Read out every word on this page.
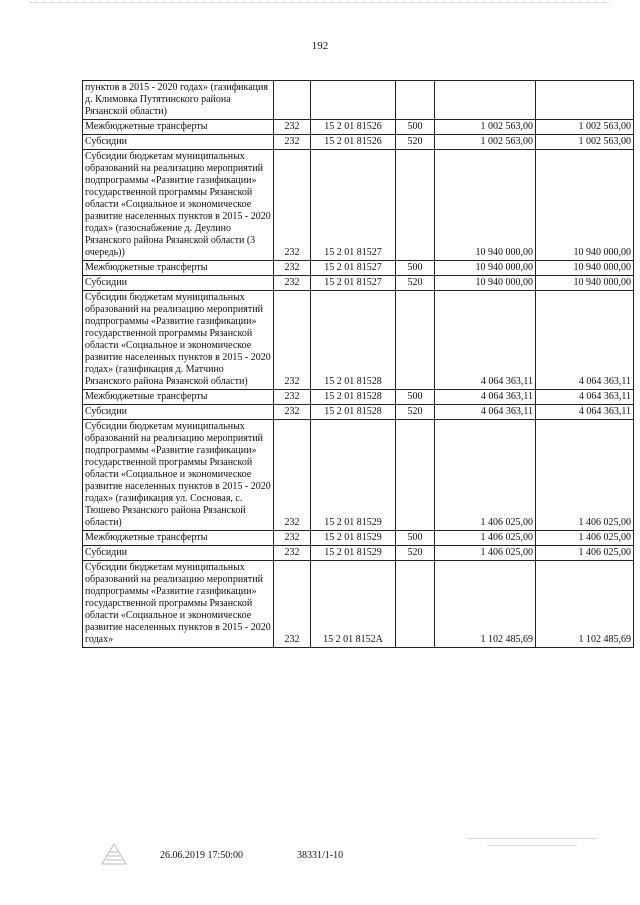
192
пунктов в 2015 - 2020 годах» (газификация д. Климовка Путятинского района Рязанской области)					
Межбюджетные трансферты	232	15 2 01 81526	500	1 002 563,00	1 002 563,00
Субсидии	232	15 2 01 81526	520	1 002 563,00	1 002 563,00
Субсидии бюджетам муниципальных образований на реализацию мероприятий подпрограммы «Развитие газификации» государственной программы Рязанской области «Социальное и экономическое развитие населенных пунктов в 2015 - 2020 годах» (газоснабжение д. Деулино Рязанского района Рязанской области (3 очередь))	232	15 2 01 81527		10 940 000,00	10 940 000,00
Межбюджетные трансферты	232	15 2 01 81527	500	10 940 000,00	10 940 000,00
Субсидии	232	15 2 01 81527	520	10 940 000,00	10 940 000,00
Субсидии бюджетам муниципальных образований на реализацию мероприятий подпрограммы «Развитие газификации» государственной программы Рязанской области «Социальное и экономическое развитие населенных пунктов в 2015 - 2020 годах» (газификация д. Матчино Рязанского района Рязанской области)	232	15 2 01 81528		4 064 363,11	4 064 363,11
Межбюджетные трансферты	232	15 2 01 81528	500	4 064 363,11	4 064 363,11
Субсидии	232	15 2 01 81528	520	4 064 363,11	4 064 363,11
Субсидии бюджетам муниципальных образований на реализацию мероприятий подпрограммы «Развитие газификации» государственной программы Рязанской области «Социальное и экономическое развитие населенных пунктов в 2015 - 2020 годах» (газификация ул. Сосновая, с. Тюшево Рязанского района Рязанской области)	232	15 2 01 81529		1 406 025,00	1 406 025,00
Межбюджетные трансферты	232	15 2 01 81529	500	1 406 025,00	1 406 025,00
Субсидии	232	15 2 01 81529	520	1 406 025,00	1 406 025,00
Субсидии бюджетам муниципальных образований на реализацию мероприятий подпрограммы «Развитие газификации» государственной программы Рязанской области «Социальное и экономическое развитие населенных пунктов в 2015 - 2020 годах»	232	15 2 01 8152А		1 102 485,69	1 102 485,69
26.06.2019 17:50:00	38331/1-10
